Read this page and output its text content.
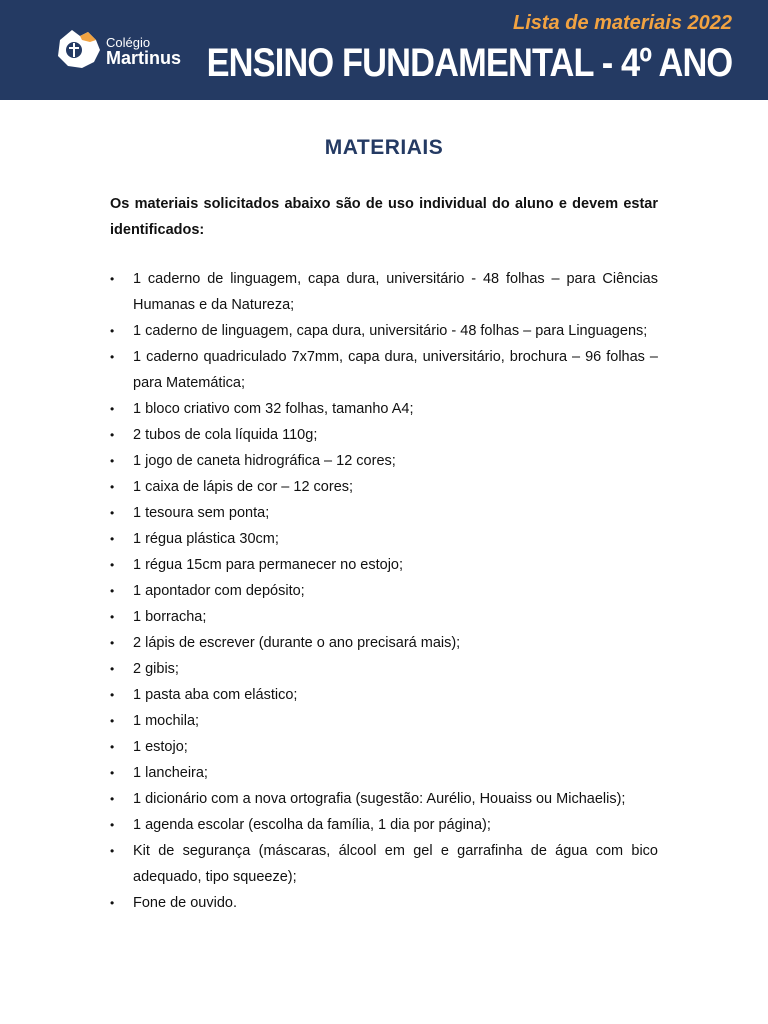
Colégio
Martinus
Lista de materiais 2022
ENSINO FUNDAMENTAL - 4º ANO
MATERIAIS

Os materiais solicitados abaixo são de uso individual do aluno e devem estar identificados:

• 1 caderno de linguagem, capa dura, universitário - 48 folhas – para Ciências Humanas e da Natureza;
• 1 caderno de linguagem, capa dura, universitário - 48 folhas – para Linguagens;
• 1 caderno quadriculado 7x7mm, capa dura, universitário, brochura – 96 folhas – para Matemática;
• 1 bloco criativo com 32 folhas, tamanho A4;
• 2 tubos de cola líquida 110g;
• 1 jogo de caneta hidrográfica – 12 cores;
• 1 caixa de lápis de cor – 12 cores;
• 1 tesoura sem ponta;
• 1 régua plástica 30cm;
• 1 régua 15cm para permanecer no estojo;
• 1 apontador com depósito;
• 1 borracha;
• 2 lápis de escrever (durante o ano precisará mais);
• 2 gibis;
• 1 pasta aba com elástico;
• 1 mochila;
• 1 estojo;
• 1 lancheira;
• 1 dicionário com a nova ortografia (sugestão: Aurélio, Houaiss ou Michaelis);
• 1 agenda escolar (escolha da família, 1 dia por página);
• Kit de segurança (máscaras, álcool em gel e garrafinha de água com bico adequado, tipo squeeze);
• Fone de ouvido.
